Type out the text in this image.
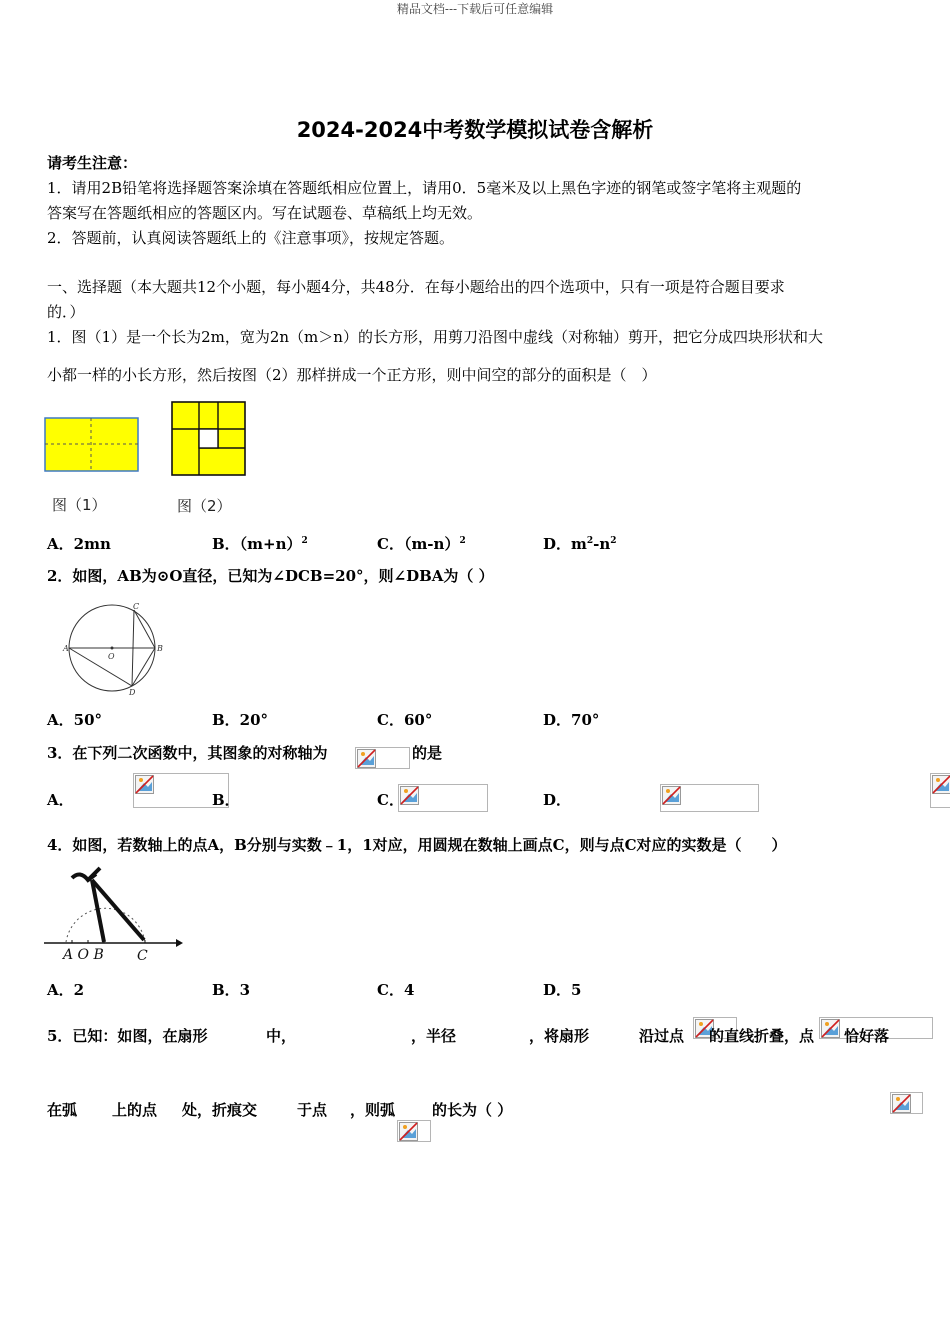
精品文档---下载后可任意编辑
2024-2024中考数学模拟试卷含解析
请考生注意：
1．请用2B铅笔将选择题答案涂填在答题纸相应位置上，请用0．5毫米及以上黑色字迹的钢笔或签字笔将主观题的
答案写在答题纸相应的答题区内。写在试题卷、草稿纸上均无效。
2．答题前，认真阅读答题纸上的《注意事项》，按规定答题。
一、选择题（本大题共12个小题，每小题4分，共48分．在每小题给出的四个选项中，只有一项是符合题目要求
的．）
1．图（1）是一个长为2m，宽为2n（m＞n）的长方形，用剪刀沿图中虚线（对称轴）剪开，把它分成四块形状和大
小都一样的小长方形，然后按图（2）那样拼成一个正方形，则中间空的部分的面积是（　）
图（1）	图（2）
A．2mn	B．$(m+n)^2$	C．$(m-n)^2$	D．$m^2-n^2$
2．如图，AB为⊙O直径，已知为∠DCB=20°，则∠DBA为（ ）
A	B
C
D
O
A．50°	B．20°	C．60°	D．70°
3．在下列二次函数中，其图象的对称轴为
	的是
A．
	B．
	C．
	D．

4．如图，若数轴上的点A，B分别与实数﹣1，1对应，用圆规在数轴上画点C，则与点C对应的实数是（　　）
A O B C
A．2	B．3	C．4	D．5
5．已知：如图，在扇形
	中，
	，半径
	，将扇形
	沿过点
的直线折叠，点
恰好落
在弧
上的点
处，折痕交
	于点
，则弧 的长为（ ）
